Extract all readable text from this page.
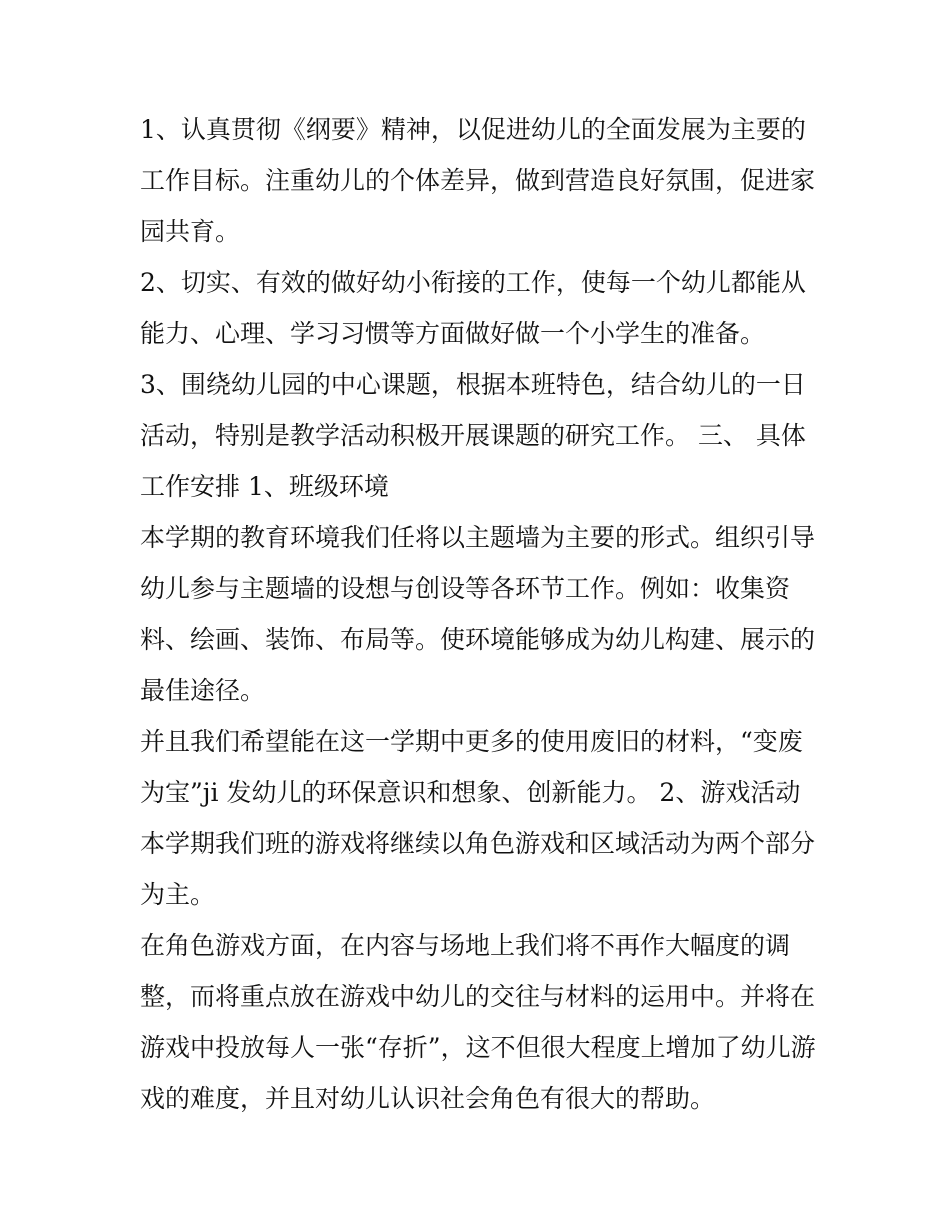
1、认真贯彻《纲要》精神，以促进幼儿的全面发展为主要的工作目标。注重幼儿的个体差异，做到营造良好氛围，促进家园共育。

2、切实、有效的做好幼小衔接的工作，使每一个幼儿都能从能力、心理、学习习惯等方面做好做一个小学生的准备。

3、围绕幼儿园的中心课题，根据本班特色，结合幼儿的一日活动，特别是教学活动积极开展课题的研究工作。 三、 具体工作安排 1、班级环境

本学期的教育环境我们任将以主题墙为主要的形式。组织引导幼儿参与主题墙的设想与创设等各环节工作。例如：收集资料、绘画、装饰、布局等。使环境能够成为幼儿构建、展示的最佳途径。

并且我们希望能在这一学期中更多的使用废旧的材料，“变废为宝”ji 发幼儿的环保意识和想象、创新能力。 2、游戏活动

本学期我们班的游戏将继续以角色游戏和区域活动为两个部分为主。

在角色游戏方面，在内容与场地上我们将不再作大幅度的调整，而将重点放在游戏中幼儿的交往与材料的运用中。并将在游戏中投放每人一张“存折”，这不但很大程度上增加了幼儿游戏的难度，并且对幼儿认识社会角色有很大的帮助。
